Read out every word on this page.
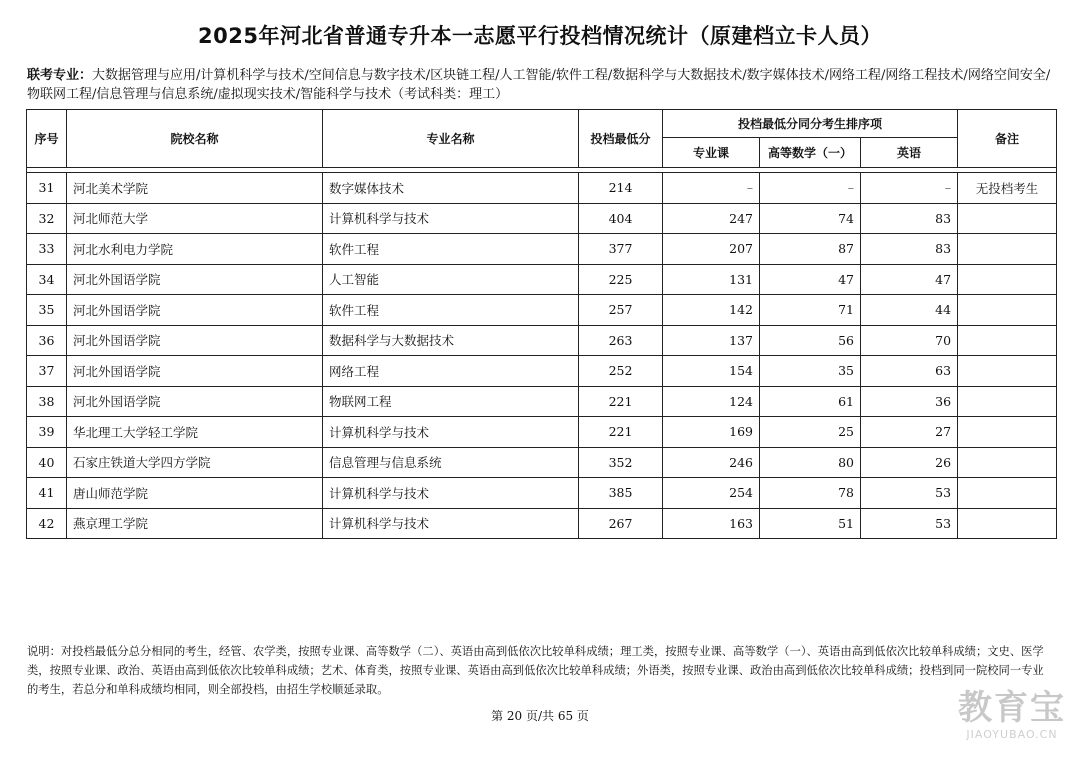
2025年河北省普通专升本一志愿平行投档情况统计（原建档立卡人员）
联考专业：大数据管理与应用/计算机科学与技术/空间信息与数字技术/区块链工程/人工智能/软件工程/数据科学与大数据技术/数字媒体技术/网络工程/网络工程技术/网络空间安全/物联网工程/信息管理与信息系统/虚拟现实技术/智能科学与技术（考试科类：理工）
序号	院校名称	专业名称	投档最低分	投档最低分同分考生排序项			备注
				专业课	高等数学（一）	英语	

31	河北美术学院	数字媒体技术	214	–	–	–	无投档考生
32	河北师范大学	计算机科学与技术	404	247	74	83	
33	河北水利电力学院	软件工程	377	207	87	83	
34	河北外国语学院	人工智能	225	131	47	47	
35	河北外国语学院	软件工程	257	142	71	44	
36	河北外国语学院	数据科学与大数据技术	263	137	56	70	
37	河北外国语学院	网络工程	252	154	35	63	
38	河北外国语学院	物联网工程	221	124	61	36	
39	华北理工大学轻工学院	计算机科学与技术	221	169	25	27	
40	石家庄铁道大学四方学院	信息管理与信息系统	352	246	80	26	
41	唐山师范学院	计算机科学与技术	385	254	78	53	
42	燕京理工学院	计算机科学与技术	267	163	51	53	
说明：对投档最低分总分相同的考生，经管、农学类，按照专业课、高等数学（二）、英语由高到低依次比较单科成绩；理工类，按照专业课、高等数学（一）、英语由高到低依次比较单科成绩；文史、医学类，按照专业课、政治、英语由高到低依次比较单科成绩；艺术、体育类，按照专业课、英语由高到低依次比较单科成绩；外语类，按照专业课、政治由高到低依次比较单科成绩；投档到同一院校同一专业的考生，若总分和单科成绩均相同，则全部投档，由招生学校顺延录取。
第 20 页/共 65 页	教育宝
JIAOYUBAO.CN
